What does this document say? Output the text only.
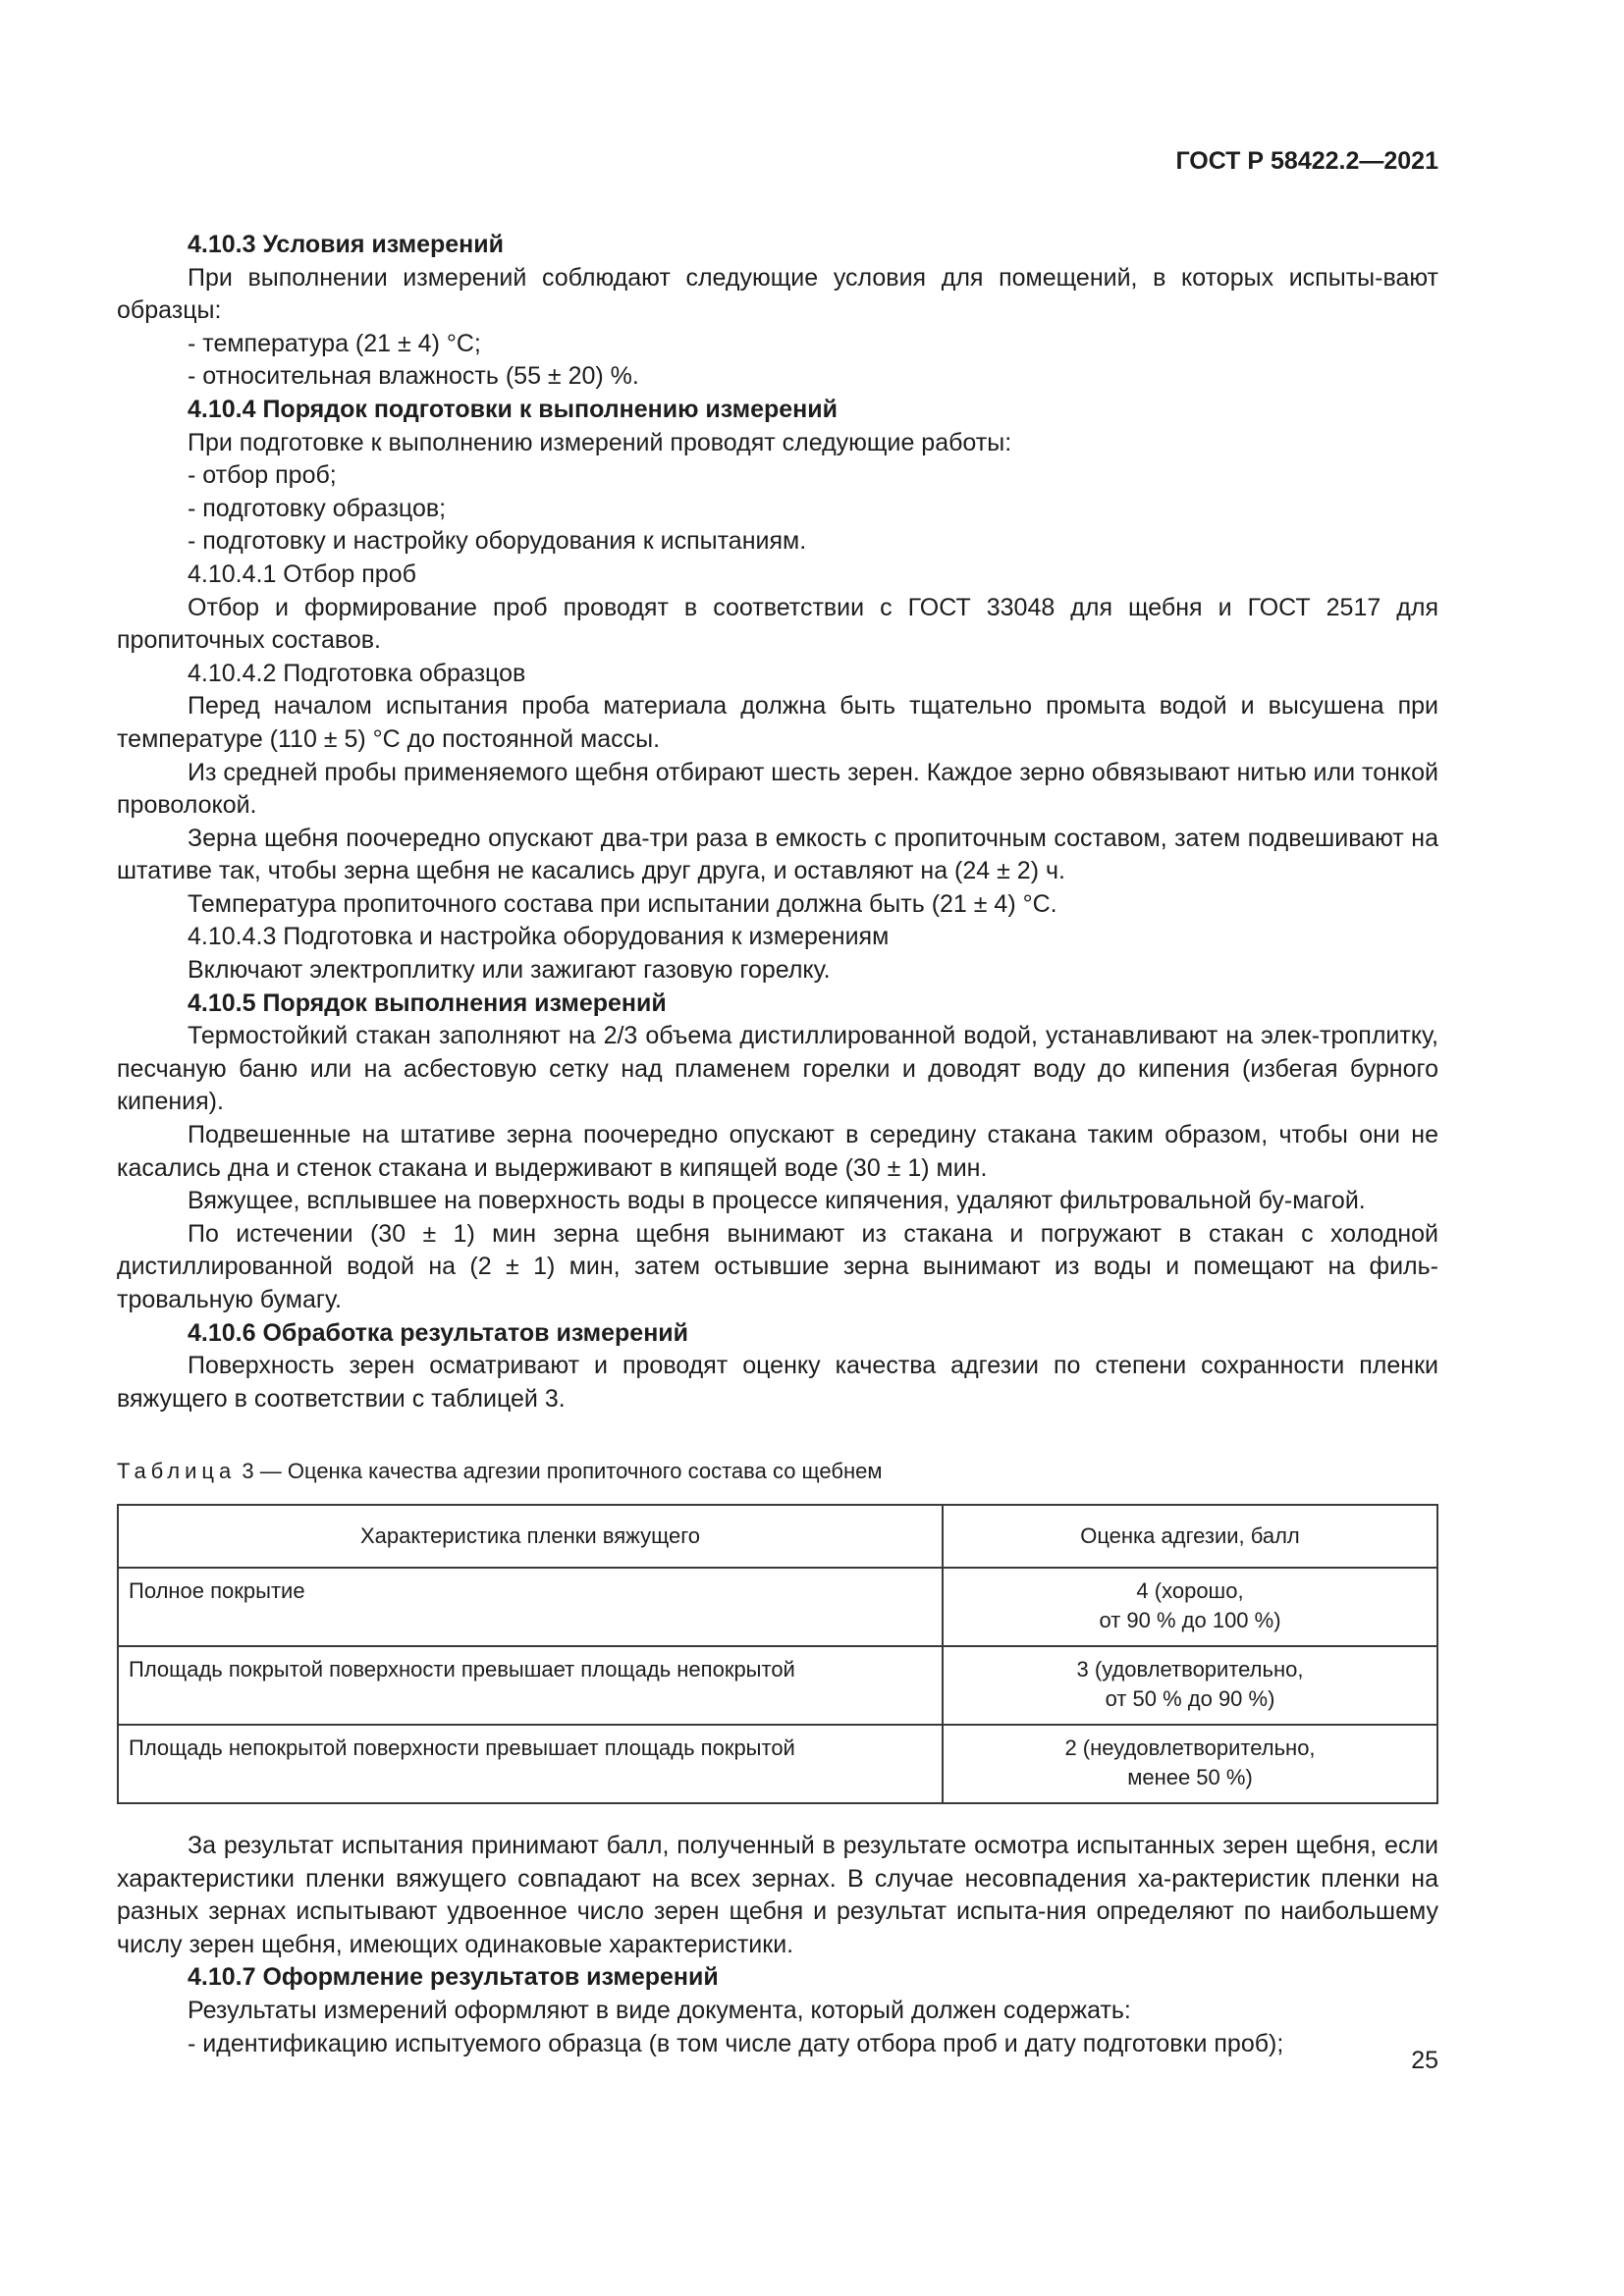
ГОСТ Р 58422.2—2021
4.10.3 Условия измерений
При выполнении измерений соблюдают следующие условия для помещений, в которых испыты-вают образцы:
- температура (21 ± 4) °C;
- относительная влажность (55 ± 20) %.
4.10.4 Порядок подготовки к выполнению измерений
При подготовке к выполнению измерений проводят следующие работы:
- отбор проб;
- подготовку образцов;
- подготовку и настройку оборудования к испытаниям.
4.10.4.1 Отбор проб
Отбор и формирование проб проводят в соответствии с ГОСТ 33048 для щебня и ГОСТ 2517 для пропиточных составов.
4.10.4.2 Подготовка образцов
Перед началом испытания проба материала должна быть тщательно промыта водой и высушена при температуре (110 ± 5) °C до постоянной массы.
Из средней пробы применяемого щебня отбирают шесть зерен. Каждое зерно обвязывают нитью или тонкой проволокой.
Зерна щебня поочередно опускают два-три раза в емкость с пропиточным составом, затем подвешивают на штативе так, чтобы зерна щебня не касались друг друга, и оставляют на (24 ± 2) ч.
Температура пропиточного состава при испытании должна быть (21 ± 4) °C.
4.10.4.3 Подготовка и настройка оборудования к измерениям
Включают электроплитку или зажигают газовую горелку.
4.10.5 Порядок выполнения измерений
Термостойкий стакан заполняют на 2/3 объема дистиллированной водой, устанавливают на элек-троплитку, песчаную баню или на асбестовую сетку над пламенем горелки и доводят воду до кипения (избегая бурного кипения).
Подвешенные на штативе зерна поочередно опускают в середину стакана таким образом, чтобы они не касались дна и стенок стакана и выдерживают в кипящей воде (30 ± 1) мин.
Вяжущее, всплывшее на поверхность воды в процессе кипячения, удаляют фильтровальной бу-магой.
По истечении (30 ± 1) мин зерна щебня вынимают из стакана и погружают в стакан с холодной дистиллированной водой на (2 ± 1) мин, затем остывшие зерна вынимают из воды и помещают на филь-тровальную бумагу.
4.10.6 Обработка результатов измерений
Поверхность зерен осматривают и проводят оценку качества адгезии по степени сохранности пленки вяжущего в соответствии с таблицей 3.
Таблица 3 — Оценка качества адгезии пропиточного состава со щебнем
Характеристика пленки вяжущего	Оценка адгезии, балл
Полное покрытие	4 (хорошо,
от 90 % до 100 %)

Площадь покрытой поверхности превышает площадь непокрытой	3 (удовлетворительно,
от 50 % до 90 %)

Площадь непокрытой поверхности превышает площадь покрытой	2 (неудовлетворительно,
менее 50 %)
За результат испытания принимают балл, полученный в результате осмотра испытанных зерен щебня, если характеристики пленки вяжущего совпадают на всех зернах. В случае несовпадения ха-рактеристик пленки на разных зернах испытывают удвоенное число зерен щебня и результат испыта-ния определяют по наибольшему числу зерен щебня, имеющих одинаковые характеристики.
4.10.7 Оформление результатов измерений
Результаты измерений оформляют в виде документа, который должен содержать:
- идентификацию испытуемого образца (в том числе дату отбора проб и дату подготовки проб);
25
